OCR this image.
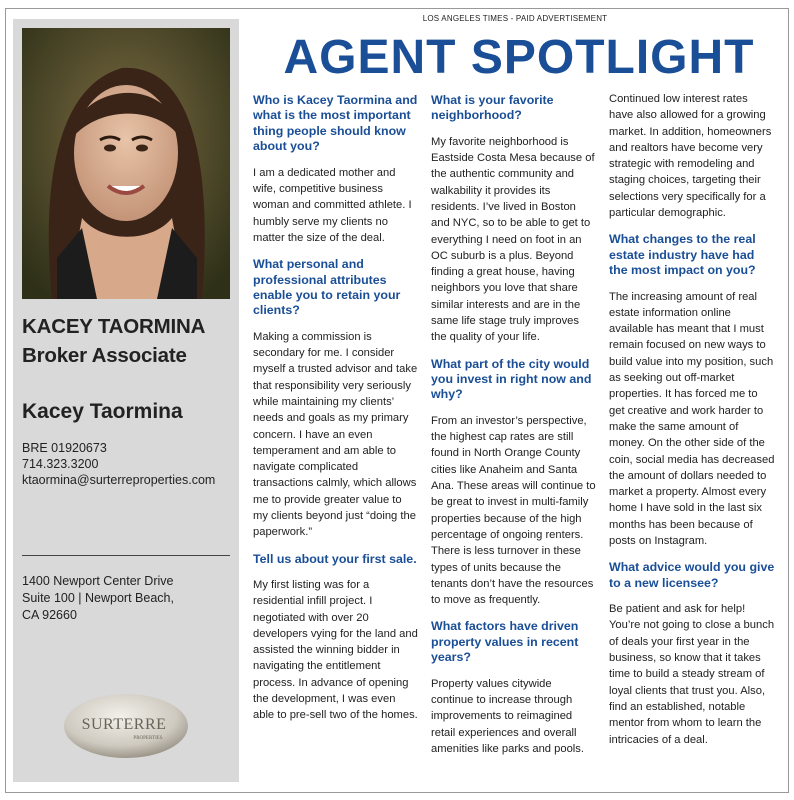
KACEY TAORMINA
Broker Associate
Kacey Taormina
BRE 01920673
714.323.3200
ktaormina@surterreproperties.com
1400 Newport Center Drive
Suite 100 | Newport Beach,
CA 92660
SURTERRE
PROPERTIES
LOS ANGELES TIMES - PAID ADVERTISEMENT
AGENT SPOTLIGHT
Who is Kacey Taormina and what is the most important thing people should know about you?

I am a dedicated mother and wife, competitive business woman and committed athlete. I humbly serve my clients no matter the size of the deal.

What personal and professional attributes enable you to retain your clients?

Making a commission is secondary for me. I consider myself a trusted advisor and take that responsibility very seriously while maintaining my clients’ needs and goals as my primary concern. I have an even temperament and am able to navigate complicated transactions calmly, which allows me to provide greater value to my clients beyond just “doing the paperwork.”

Tell us about your first sale.

My first listing was for a residential infill project. I negotiated with over 20 developers vying for the land and assisted the winning bidder in navigating the entitlement process. In advance of opening the development, I was even able to pre-sell two of the homes.

What is your favorite neighborhood?

My favorite neighborhood is Eastside Costa Mesa because of the authentic community and walkability it provides its residents. I’ve lived in Boston and NYC, so to be able to get to everything I need on foot in an OC suburb is a plus. Beyond finding a great house, having neighbors you love that share similar interests and are in the same life stage truly improves the quality of your life.

What part of the city would you invest in right now and why?

From an investor’s perspective, the highest cap rates are still found in North Orange County cities like Anaheim and Santa Ana. These areas will continue to be great to invest in multi-family properties because of the high percentage of ongoing renters. There is less turnover in these types of units because the tenants don’t have the resources to move as frequently.

What factors have driven property values in recent years?

Property values citywide continue to increase through improvements to reimagined retail experiences and overall amenities like parks and pools.

Continued low interest rates have also allowed for a growing market. In addition, homeowners and realtors have become very strategic with remodeling and staging choices, targeting their selections very specifically for a particular demographic.

What changes to the real estate industry have had the most impact on you?

The increasing amount of real estate information online available has meant that I must remain focused on new ways to build value into my position, such as seeking out off-market properties. It has forced me to get creative and work harder to make the same amount of money. On the other side of the coin, social media has decreased the amount of dollars needed to market a property. Almost every home I have sold in the last six months has been because of posts on Instagram.

What advice would you give to a new licensee?

Be patient and ask for help! You’re not going to close a bunch of deals your first year in the business, so know that it takes time to build a steady stream of loyal clients that trust you. Also, find an established, notable mentor from whom to learn the intricacies of a deal.
